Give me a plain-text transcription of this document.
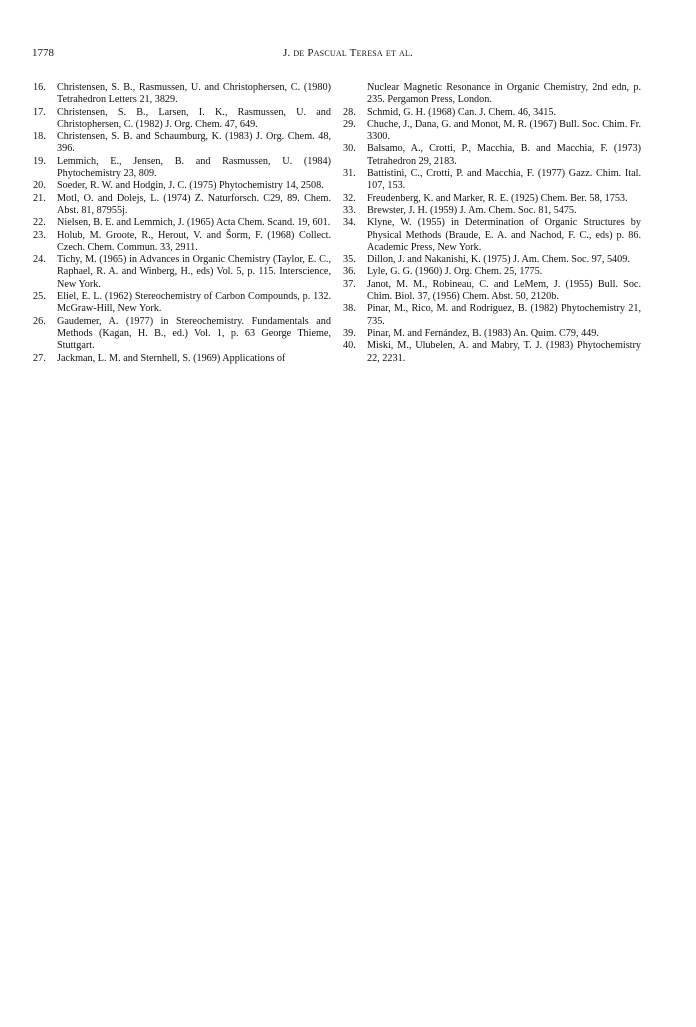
1778	J. de Pascual Teresa et al.
16.	Christensen, S. B., Rasmussen, U. and Christophersen, C. (1980) Tetrahedron Letters 21, 3829.
17.	Christensen, S. B., Larsen, I. K., Rasmussen, U. and Christophersen, C. (1982) J. Org. Chem. 47, 649.
18.	Christensen, S. B. and Schaumburg, K. (1983) J. Org. Chem. 48, 396.
19.	Lemmich, E., Jensen, B. and Rasmussen, U. (1984) Phytochemistry 23, 809.
20.	Soeder, R. W. and Hodgin, J. C. (1975) Phytochemistry 14, 2508.
21.	Motl, O. and Dolejs, L. (1974) Z. Naturforsch. C29, 89. Chem. Abst. 81, 87955j.
22.	Nielsen, B. E. and Lemmich, J. (1965) Acta Chem. Scand. 19, 601.
23.	Holub, M. Groote, R., Herout, V. and Šorm, F. (1968) Collect. Czech. Chem. Commun. 33, 2911.
24.	Tichy, M. (1965) in Advances in Organic Chemistry (Taylor, E. C., Raphael, R. A. and Winberg, H., eds) Vol. 5, p. 115. Interscience, New York.
25.	Eliel, E. L. (1962) Stereochemistry of Carbon Compounds, p. 132. McGraw-Hill, New York.
26.	Gaudemer, A. (1977) in Stereochemistry. Fundamentals and Methods (Kagan, H. B., ed.) Vol. 1, p. 63 George Thieme, Stuttgart.
27.	Jackman, L. M. and Sternhell, S. (1969) Applications of
Nuclear Magnetic Resonance in Organic Chemistry, 2nd edn, p. 235. Pergamon Press, London.
28.	Schmid, G. H. (1968) Can. J. Chem. 46, 3415.
29.	Chuche, J., Dana, G. and Monot, M. R. (1967) Bull. Soc. Chim. Fr. 3300.
30.	Balsamo, A., Crotti, P., Macchia, B. and Macchia, F. (1973) Tetrahedron 29, 2183.
31.	Battistini, C., Crotti, P. and Macchia, F. (1977) Gazz. Chim. Ital. 107, 153.
32.	Freudenberg, K. and Marker, R. E. (1925) Chem. Ber. 58, 1753.
33.	Brewster, J. H. (1959) J. Am. Chem. Soc. 81, 5475.
34.	Klyne, W. (1955) in Determination of Organic Structures by Physical Methods (Braude, E. A. and Nachod, F. C., eds) p. 86. Academic Press, New York.
35.	Dillon, J. and Nakanishi, K. (1975) J. Am. Chem. Soc. 97, 5409.
36.	Lyle, G. G. (1960) J. Org. Chem. 25, 1775.
37.	Janot, M. M., Robineau, C. and LeMem, J. (1955) Bull. Soc. Chim. Biol. 37, (1956) Chem. Abst. 50, 2120b.
38.	Pinar, M., Rico, M. and Rodríguez, B. (1982) Phytochemistry 21, 735.
39.	Pinar, M. and Fernández, B. (1983) An. Quim. C79, 449.
40.	Miski, M., Ulubelen, A. and Mabry, T. J. (1983) Phytochemistry 22, 2231.
